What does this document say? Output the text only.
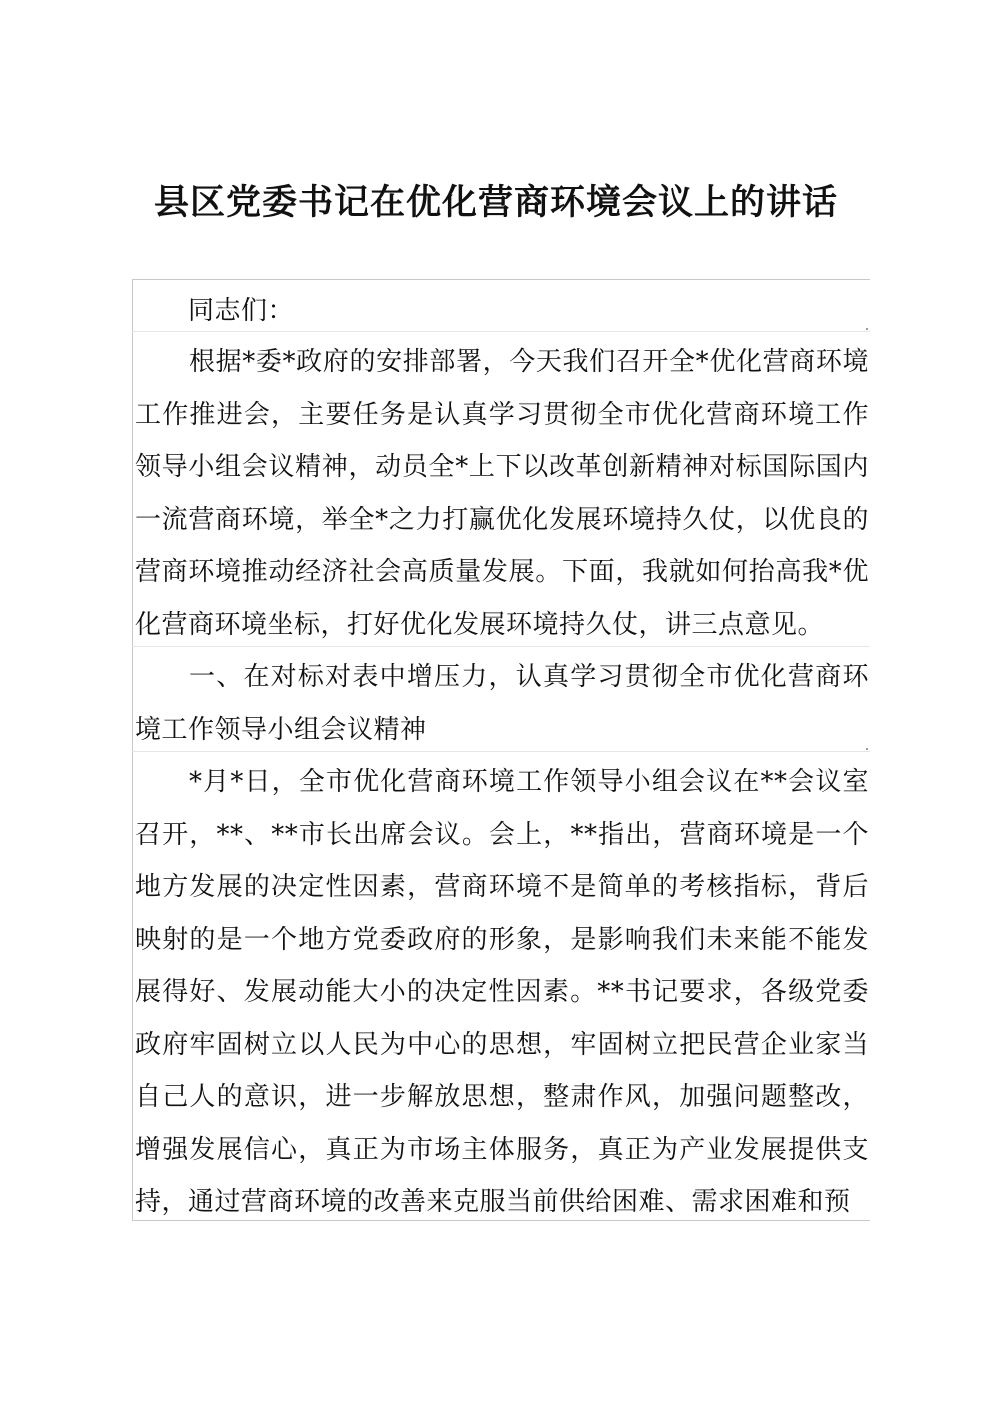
县区党委书记在优化营商环境会议上的讲话
同志们：

根据*委*政府的安排部署，今天我们召开全*优化营商环境工作推进会，主要任务是认真学习贯彻全市优化营商环境工作领导小组会议精神，动员全*上下以改革创新精神对标国际国内一流营商环境，举全*之力打赢优化发展环境持久仗，以优良的营商环境推动经济社会高质量发展。下面，我就如何抬高我*优化营商环境坐标，打好优化发展环境持久仗，讲三点意见。

一、在对标对表中增压力，认真学习贯彻全市优化营商环境工作领导小组会议精神

*月*日，全市优化营商环境工作领导小组会议在**会议室召开，**、**市长出席会议。会上，**指出，营商环境是一个地方发展的决定性因素，营商环境不是简单的考核指标，背后映射的是一个地方党委政府的形象，是影响我们未来能不能发展得好、发展动能大小的决定性因素。**书记要求，各级党委政府牢固树立以人民为中心的思想，牢固树立把民营企业家当自己人的意识，进一步解放思想，整肃作风，加强问题整改，增强发展信心，真正为市场主体服务，真正为产业发展提供支持，通过营商环境的改善来克服当前供给困难、需求困难和预
